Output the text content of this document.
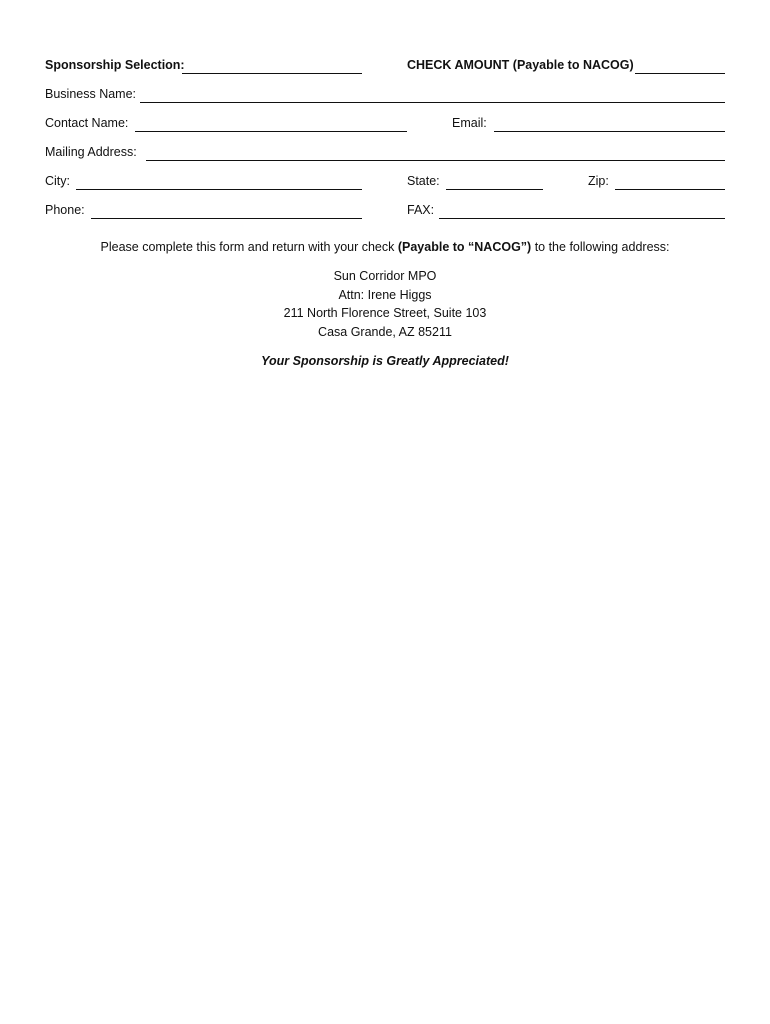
Sponsorship Selection:	CHECK AMOUNT (Payable to NACOG)
Business Name:
Contact Name:	Email:
Mailing Address:
City:	State:	Zip:
Phone:	FAX:
Please complete this form and return with your check (Payable to “NACOG”) to the following address:
Sun Corridor MPO
Attn: Irene Higgs
211 North Florence Street, Suite 103
Casa Grande, AZ 85211
Your Sponsorship is Greatly Appreciated!
